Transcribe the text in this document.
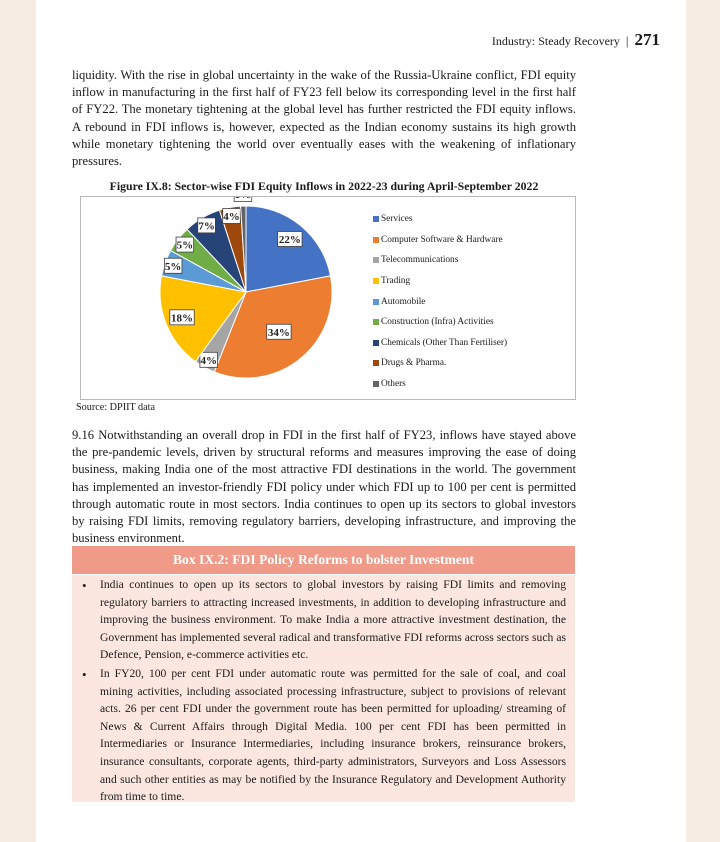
Industry: Steady Recovery | 271
liquidity. With the rise in global uncertainty in the wake of the Russia-Ukraine conflict, FDI equity inflow in manufacturing in the first half of FY23 fell below its corresponding level in the first half of FY22. The monetary tightening at the global level has further restricted the FDI equity inflows. A rebound in FDI inflows is, however, expected as the Indian economy sustains its high growth while monetary tightening the world over eventually eases with the weakening of inflationary pressures.
Figure IX.8: Sector-wise FDI Equity Inflows in 2022-23 during April-September 2022
22%
34%
4%
18%
5%
5%
7%
4%	Services
Computer Software & Hardware
Telecommunications
Trading
Automobile
Construction (Infra) Activities
Chemicals (Other Than Fertiliser)
Drugs & Pharma.
Others
Source: DPIIT data
9.16 Notwithstanding an overall drop in FDI in the first half of FY23, inflows have stayed above the pre-pandemic levels, driven by structural reforms and measures improving the ease of doing business, making India one of the most attractive FDI destinations in the world. The government has implemented an investor-friendly FDI policy under which FDI up to 100 per cent is permitted through automatic route in most sectors. India continues to open up its sectors to global investors by raising FDI limits, removing regulatory barriers, developing infrastructure, and improving the business environment.
Box IX.2: FDI Policy Reforms to bolster Investment
• India continues to open up its sectors to global investors by raising FDI limits and removing regulatory barriers to attracting increased investments, in addition to developing infrastructure and improving the business environment. To make India a more attractive investment destination, the Government has implemented several radical and transformative FDI reforms across sectors such as Defence, Pension, e-commerce activities etc.
• In FY20, 100 per cent FDI under automatic route was permitted for the sale of coal, and coal mining activities, including associated processing infrastructure, subject to provisions of relevant acts. 26 per cent FDI under the government route has been permitted for uploading/ streaming of News & Current Affairs through Digital Media. 100 per cent FDI has been permitted in Intermediaries or Insurance Intermediaries, including insurance brokers, reinsurance brokers, insurance consultants, corporate agents, third-party administrators, Surveyors and Loss Assessors and such other entities as may be notified by the Insurance Regulatory and Development Authority from time to time.
